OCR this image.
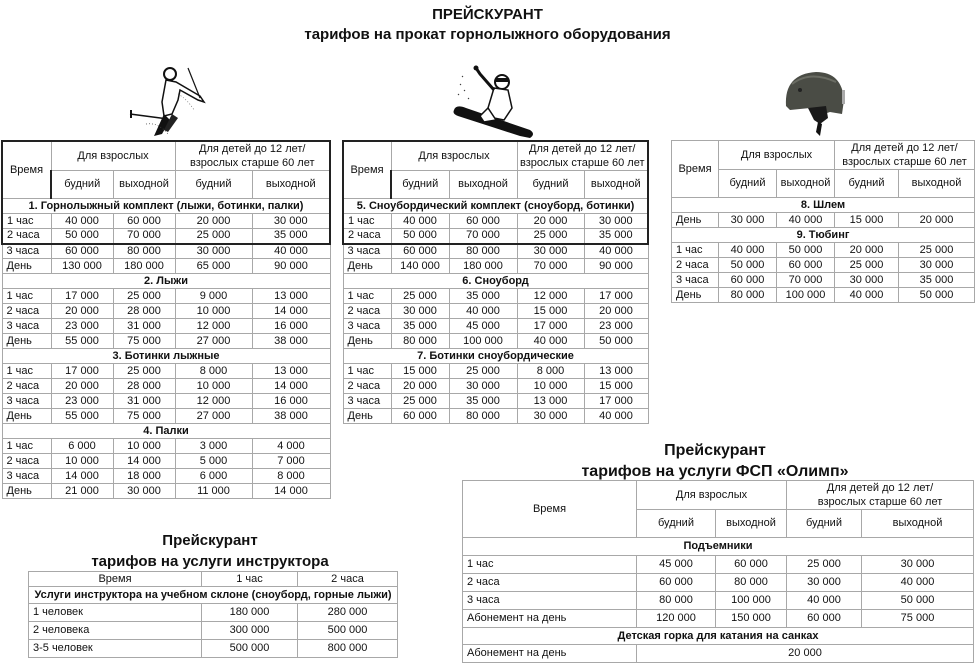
ПРЕЙСКУРАНТ
тарифов на прокат горнолыжного оборудования
Время	Для взрослых		Для детей до 12 лет/
взрослых старше 60 лет	
	будний	выходной	будний	выходной
1. Горнолыжный комплект (лыжи, ботинки, палки)				
1 час	40 000	60 000	20 000	30 000
2 часа	50 000	70 000	25 000	35 000
3 часа	60 000	80 000	30 000	40 000
День	130 000	180 000	65 000	90 000
2. Лыжи				
1 час	17 000	25 000	9 000	13 000
2 часа	20 000	28 000	10 000	14 000
3 часа	23 000	31 000	12 000	16 000
День	55 000	75 000	27 000	38 000
3. Ботинки лыжные				
1 час	17 000	25 000	8 000	13 000
2 часа	20 000	28 000	10 000	14 000
3 часа	23 000	31 000	12 000	16 000
День	55 000	75 000	27 000	38 000
4. Палки				
1 час	6 000	10 000	3 000	4 000
2 часа	10 000	14 000	5 000	7 000
3 часа	14 000	18 000	6 000	8 000
День	21 000	30 000	11 000	14 000
Время	Для взрослых		Для детей до 12 лет/
взрослых старше 60 лет	
	будний	выходной	будний	выходной
5. Сноубордический комплект (сноуборд, ботинки)				
1 час	40 000	60 000	20 000	30 000
2 часа	50 000	70 000	25 000	35 000
3 часа	60 000	80 000	30 000	40 000
День	140 000	180 000	70 000	90 000
6. Сноуборд				
1 час	25 000	35 000	12 000	17 000
2 часа	30 000	40 000	15 000	20 000
3 часа	35 000	45 000	17 000	23 000
День	80 000	100 000	40 000	50 000
7. Ботинки сноубордические				
1 час	15 000	25 000	8 000	13 000
2 часа	20 000	30 000	10 000	15 000
3 часа	25 000	35 000	13 000	17 000
День	60 000	80 000	30 000	40 000
Время	Для взрослых		Для детей до 12 лет/
взрослых старше 60 лет	
	будний	выходной	будний	выходной
8. Шлем				
День	30 000	40 000	15 000	20 000
9. Тюбинг				
1 час	40 000	50 000	20 000	25 000
2 часа	50 000	60 000	25 000	30 000
3 часа	60 000	70 000	30 000	35 000
День	80 000	100 000	40 000	50 000
Прейскурант
тарифов на услуги инструктора
Время	1 час	2 часа
Услуги инструктора на учебном склоне (сноуборд, горные лыжи)		
1 человек	180 000	280 000
2 человека	300 000	500 000
3-5 человек	500 000	800 000
Прейскурант
тарифов на услуги ФСП «Олимп»
Время	Для взрослых		Для детей до 12 лет/
взрослых старше 60 лет	
	будний	выходной	будний	выходной
Подъемники				
1 час	45 000	60 000	25 000	30 000
2 часа	60 000	80 000	30 000	40 000
3 часа	80 000	100 000	40 000	50 000
Абонемент на день	120 000	150 000	60 000	75 000
Детская горка для катания на санках				
Абонемент на день	20 000			
